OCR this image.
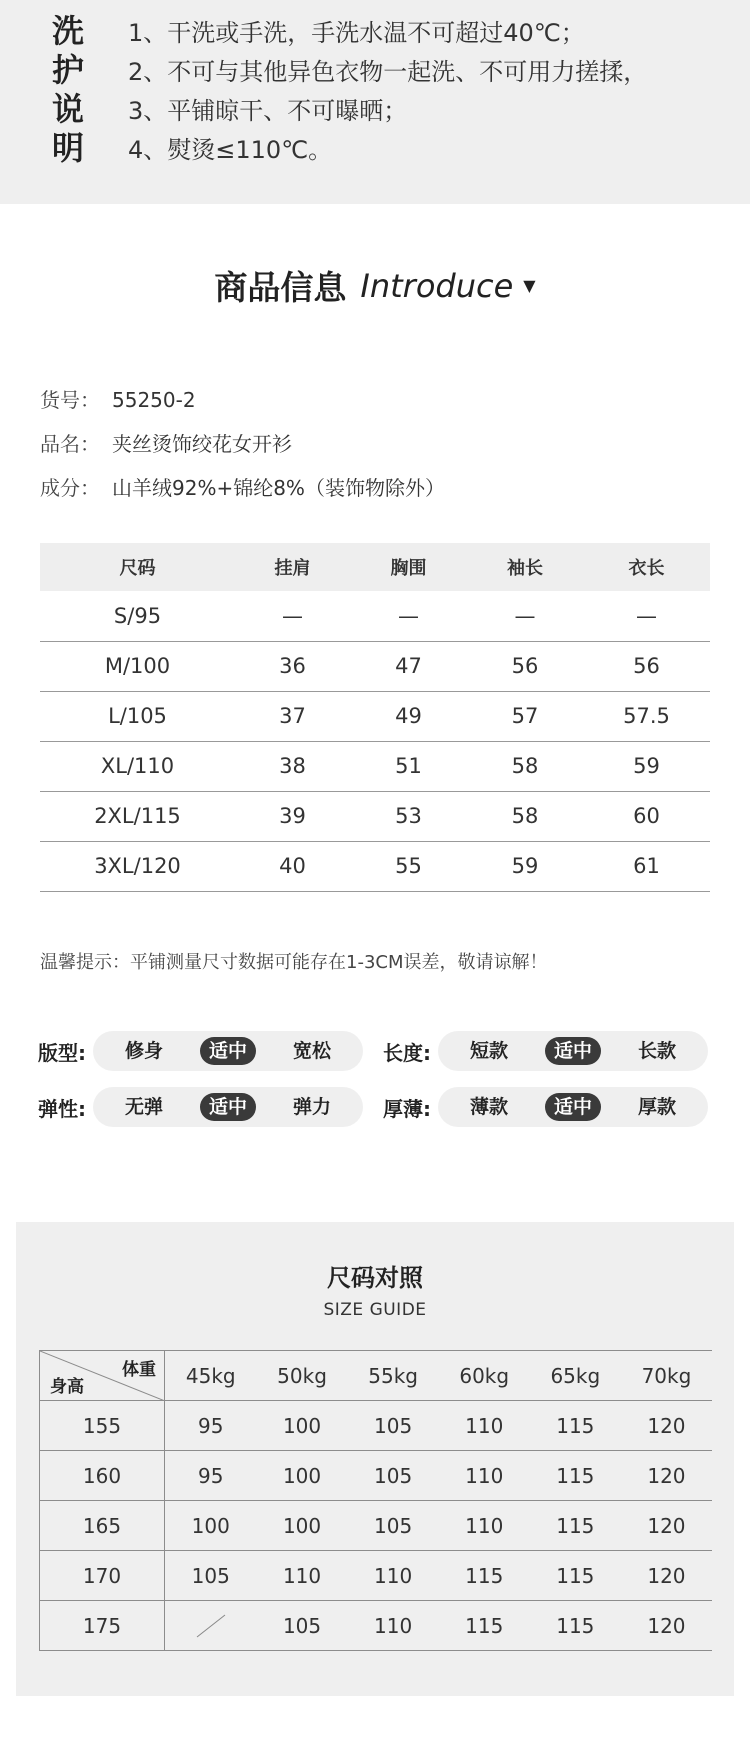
洗
护
说
明
1、干洗或手洗，手洗水温不可超过40℃；
2、不可与其他异色衣物一起洗、不可用力搓揉，
3、平铺晾干、不可曝晒；
4、熨烫≤110℃。
商品信息 Introduce ▼
货号： 55250-2
品名： 夹丝烫饰绞花女开衫
成分： 山羊绒92%+锦纶8%（装饰物除外）
尺码	挂肩	胸围	袖长	衣长
S/95	—	—	—	—
M/100	36	47	56	56
L/105	37	49	57	57.5
XL/110	38	51	58	59
2XL/115	39	53	58	60
3XL/120	40	55	59	61
温馨提示：平铺测量尺寸数据可能存在1-3CM误差，敬请谅解！
版型:	修身	适中	宽松	长度:	短款	适中	长款
弹性:	无弹	适中	弹力	厚薄:	薄款	适中	厚款
尺码对照
SIZE GUIDE
体重
身高	45kg	50kg	55kg	60kg	65kg	70kg
155	95	100	105	110	115	120
160	95	100	105	110	115	120
165	100	100	105	110	115	120
170	105	110	110	115	115	120
175		105	110	115	115	120
